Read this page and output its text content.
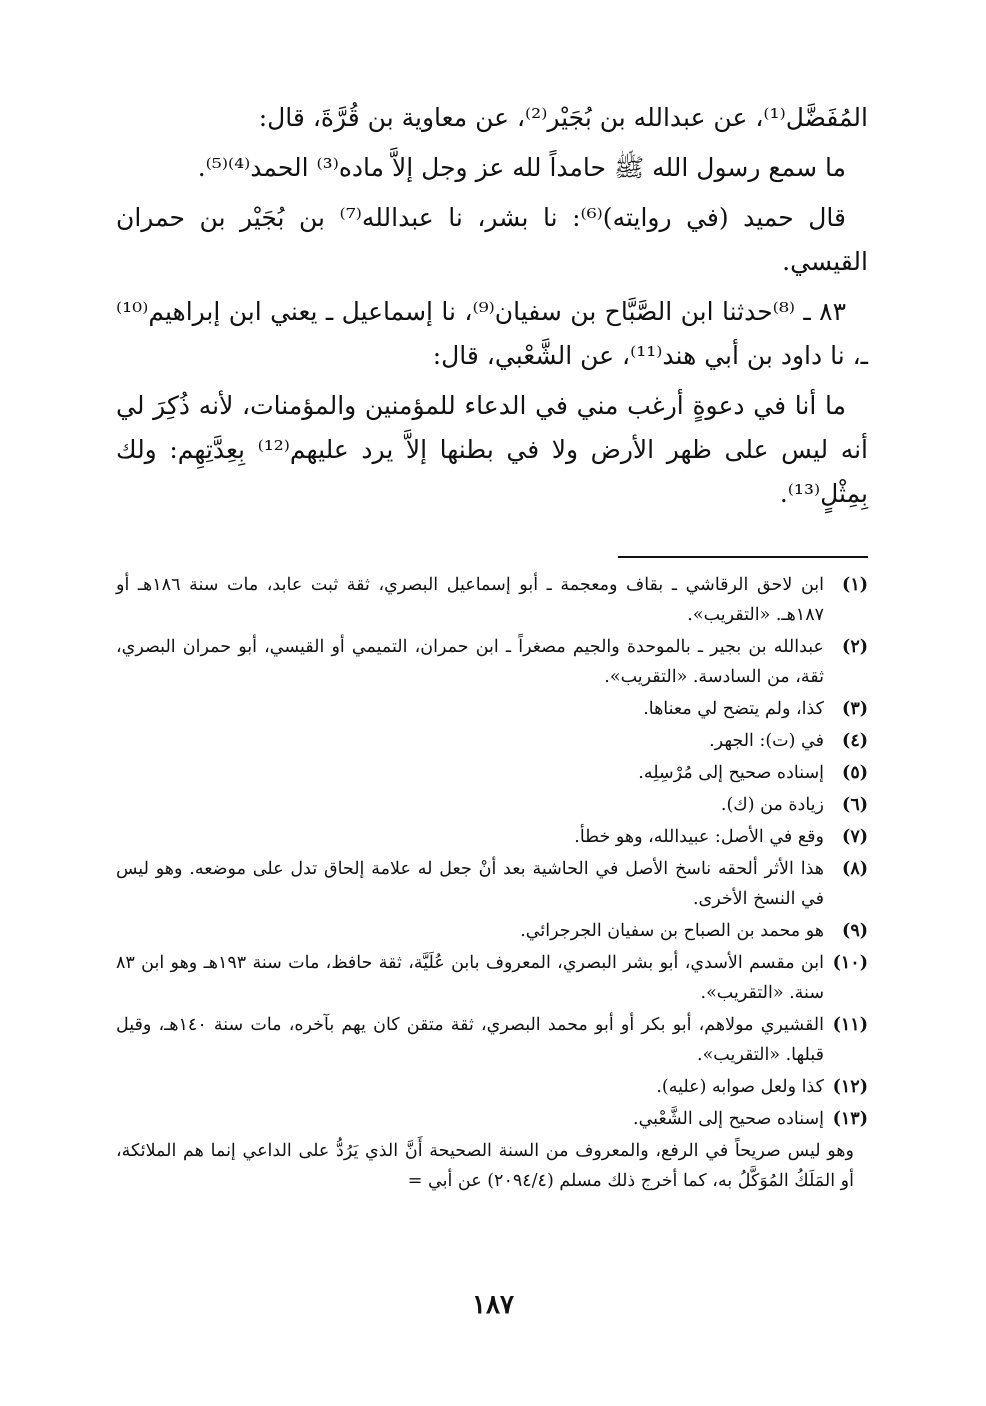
المُفَضَّل⁽¹⁾، عن عبدالله بن بُجَيْر⁽²⁾، عن معاوية بن قُرَّةَ، قال:

ما سمع رسول الله ﷺ حامداً لله عز وجل إلاَّ ماده⁽³⁾ الحمد⁽⁴⁾⁽⁵⁾.

قال حميد (في روايته)⁽⁶⁾: نا بشر، نا عبدالله⁽⁷⁾ بن بُجَيْر بن حمران القيسي.

٨٣ ـ ⁽⁸⁾حدثنا ابن الصَّبَّاح بن سفيان⁽⁹⁾، نا إسماعيل ـ يعني ابن إبراهيم⁽¹⁰⁾ ـ، نا داود بن أبي هند⁽¹¹⁾، عن الشَّعْبي، قال:

ما أنا في دعوةٍ أرغب مني في الدعاء للمؤمنين والمؤمنات، لأنه ذُكِرَ لي أنه ليس على ظهر الأرض ولا في بطنها إلاَّ يرد عليهم⁽¹²⁾ بِعِدَّتِهِم: ولك بِمِثْلٍ⁽¹³⁾.

(١)
ابن لاحق الرقاشي ـ بقاف ومعجمة ـ أبو إسماعيل البصري، ثقة ثبت عابد، مات سنة ١٨٦هـ أو ١٨٧هـ. «التقريب».
(٢)
عبدالله بن بجير ـ بالموحدة والجيم مصغراً ـ ابن حمران، التميمي أو القيسي، أبو حمران البصري، ثقة، من السادسة. «التقريب».
(٣)
كذا، ولم يتضح لي معناها.
(٤)
في (ت): الجهر.
(٥)
إسناده صحيح إلى مُرْسِلِه.
(٦)
زيادة من (ك).
(٧)
وقع في الأصل: عبيدالله، وهو خطأ.
(٨)
هذا الأثر ألحقه ناسخ الأصل في الحاشية بعد أنْ جعل له علامة إلحاق تدل على موضعه. وهو ليس في النسخ الأخرى.
(٩)
هو محمد بن الصباح بن سفيان الجرجرائي.
(١٠)
ابن مقسم الأسدي، أبو بشر البصري، المعروف بابن عُلَيَّة، ثقة حافظ، مات سنة ١٩٣هـ وهو ابن ٨٣ سنة. «التقريب».
(١١)
القشيري مولاهم، أبو بكر أو أبو محمد البصري، ثقة متقن كان يهم بآخره، مات سنة ١٤٠هـ، وقيل قبلها. «التقريب».
(١٢)
كذا ولعل صوابه (عليه).
(١٣)
إسناده صحيح إلى الشَّعْبي.
وهو ليس صريحاً في الرفع، والمعروف من السنة الصحيحة أَنَّ الذي يَرُدُّ على الداعي إنما هم الملائكة، أو المَلَكُ المُوَكَّلُ به، كما أخرج ذلك مسلم (٢٠٩٤/٤) عن أبي =
١٨٧
